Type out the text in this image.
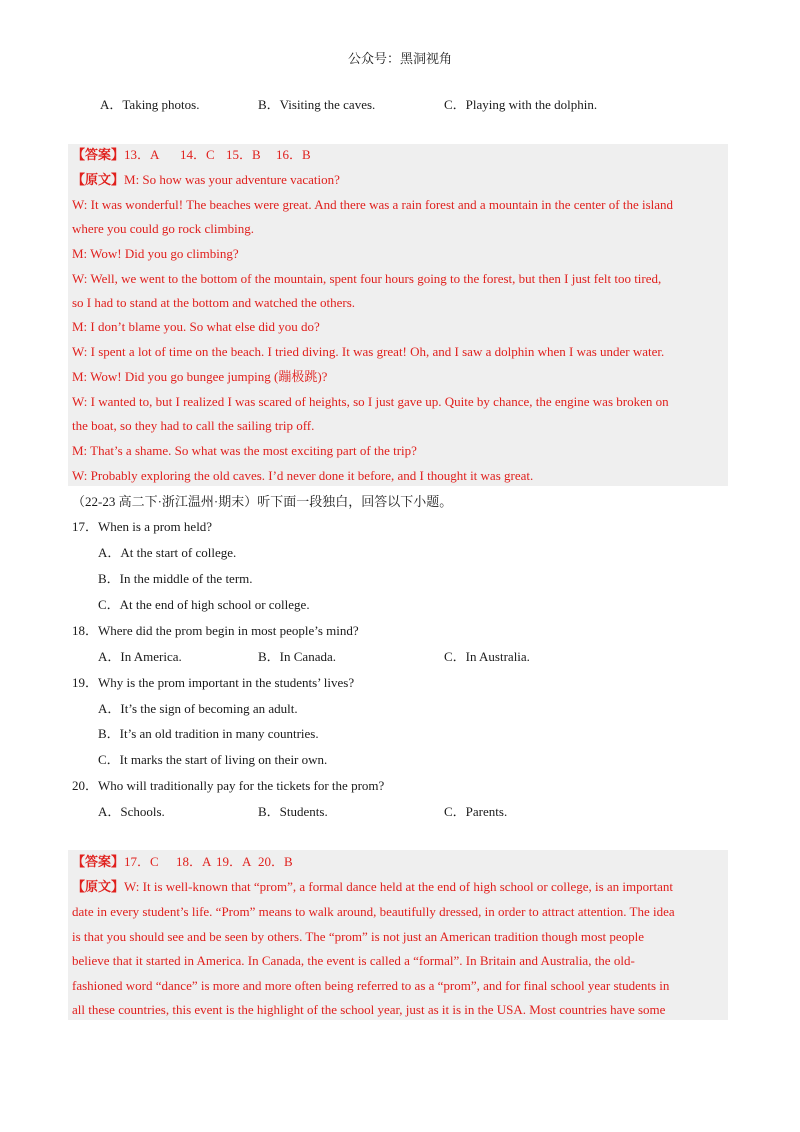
公众号：黑洞视角
A．Taking photos.	B．Visiting the caves.	C．Playing with the dolphin.
【答案】13．A 14．C 15．B 16．B
【原文】M: So how was your adventure vacation?
W: It was wonderful! The beaches were great. And there was a rain forest and a mountain in the center of the island
where you could go rock climbing.
M: Wow! Did you go climbing?
W: Well, we went to the bottom of the mountain, spent four hours going to the forest, but then I just felt too tired,
so I had to stand at the bottom and watched the others.
M: I don’t blame you. So what else did you do?
W: I spent a lot of time on the beach. I tried diving. It was great! Oh, and I saw a dolphin when I was under water.
M: Wow! Did you go bungee jumping (蹦极跳)?
W: I wanted to, but I realized I was scared of heights, so I just gave up. Quite by chance, the engine was broken on
the boat, so they had to call the sailing trip off.
M: That’s a shame. So what was the most exciting part of the trip?
W: Probably exploring the old caves. I’d never done it before, and I thought it was great.
（22-23 高二下·浙江温州·期末）听下面一段独白，回答以下小题。
17．When is a prom held?
A．At the start of college.
B．In the middle of the term.
C．At the end of high school or college.
18．Where did the prom begin in most people’s mind?
A．In America.	B．In Canada.	C．In Australia.
19．Why is the prom important in the students’ lives?
A．It’s the sign of becoming an adult.
B．It’s an old tradition in many countries.
C．It marks the start of living on their own.
20．Who will traditionally pay for the tickets for the prom?
A．Schools.	B．Students.	C．Parents.
【答案】17．C 18．A 19．A 20．B
【原文】W: It is well-known that “prom”, a formal dance held at the end of high school or college, is an important
date in every student’s life. “Prom” means to walk around, beautifully dressed, in order to attract attention. The idea
is that you should see and be seen by others. The “prom” is not just an American tradition though most people
believe that it started in America. In Canada, the event is called a “formal”. In Britain and Australia, the old-
fashioned word “dance” is more and more often being referred to as a “prom”, and for final school year students in
all these countries, this event is the highlight of the school year, just as it is in the USA. Most countries have some
